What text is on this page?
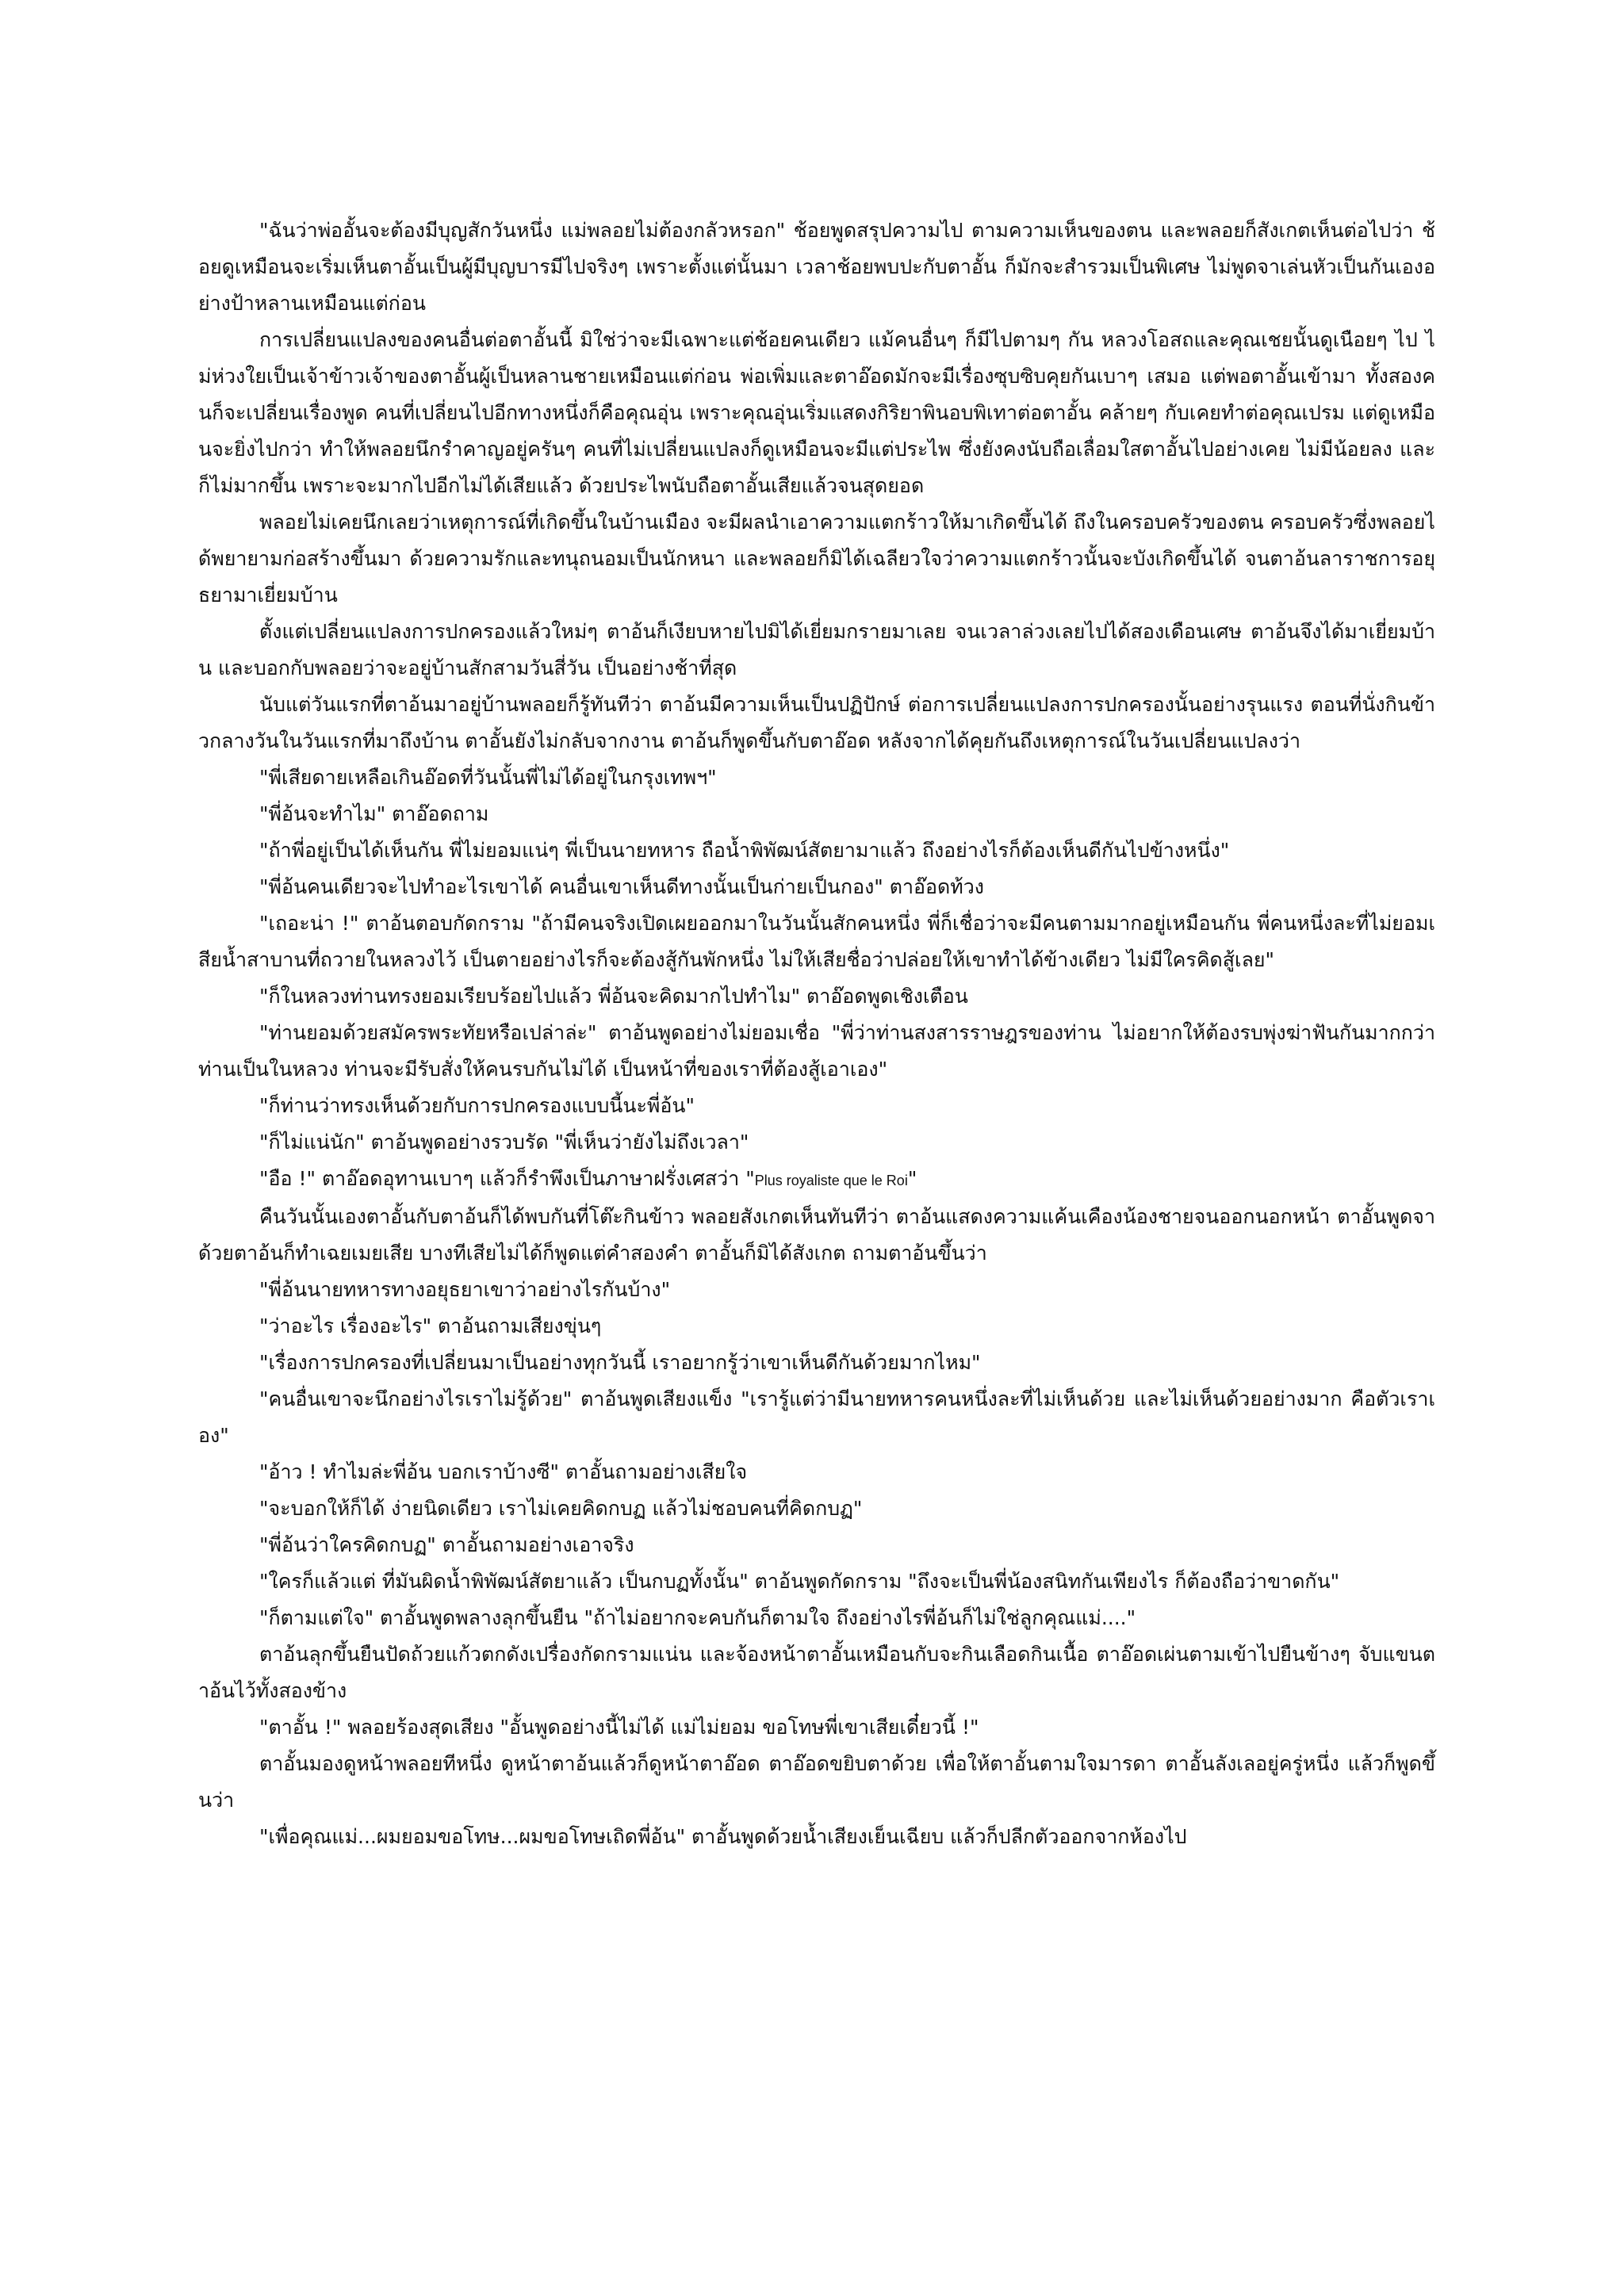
"ฉันว่าพ่ออั้นจะต้องมีบุญสักวันหนึ่ง แม่พลอยไม่ต้องกลัวหรอก" ช้อยพูดสรุปความไป ตามความเห็นของตน และพลอยก็สังเกตเห็นต่อไปว่า ช้อยดูเหมือนจะเริ่มเห็นตาอั้นเป็นผู้มีบุญบารมีไปจริงๆ เพราะตั้งแต่นั้นมา เวลาช้อยพบปะกับตาอั้น ก็มักจะสำรวมเป็นพิเศษ ไม่พูดจาเล่นหัวเป็นกันเองอย่างป้าหลานเหมือนแต่ก่อน

การเปลี่ยนแปลงของคนอื่นต่อตาอั้นนี้ มิใช่ว่าจะมีเฉพาะแต่ช้อยคนเดียว แม้คนอื่นๆ ก็มีไปตามๆ กัน หลวงโอสถและคุณเชยนั้นดูเนือยๆ ไป ไม่ห่วงใยเป็นเจ้าข้าวเจ้าของตาอั้นผู้เป็นหลานชายเหมือนแต่ก่อน พ่อเพิ่มและตาอ๊อดมักจะมีเรื่องซุบซิบคุยกันเบาๆ เสมอ แต่พอตาอั้นเข้ามา ทั้งสองคนก็จะเปลี่ยนเรื่องพูด คนที่เปลี่ยนไปอีกทางหนึ่งก็คือคุณอุ่น เพราะคุณอุ่นเริ่มแสดงกิริยาพินอบพิเทาต่อตาอั้น คล้ายๆ กับเคยทำต่อคุณเปรม แต่ดูเหมือนจะยิ่งไปกว่า ทำให้พลอยนึกรำคาญอยู่ครันๆ คนที่ไม่เปลี่ยนแปลงก็ดูเหมือนจะมีแต่ประไพ ซึ่งยังคงนับถือเลื่อมใสตาอั้นไปอย่างเคย ไม่มีน้อยลง และก็ไม่มากขึ้น เพราะจะมากไปอีกไม่ได้เสียแล้ว ด้วยประไพนับถือตาอั้นเสียแล้วจนสุดยอด

พลอยไม่เคยนึกเลยว่าเหตุการณ์ที่เกิดขึ้นในบ้านเมือง จะมีผลนำเอาความแตกร้าวให้มาเกิดขึ้นได้ ถึงในครอบครัวของตน ครอบครัวซึ่งพลอยได้พยายามก่อสร้างขึ้นมา ด้วยความรักและทนุถนอมเป็นนักหนา และพลอยก็มิได้เฉลียวใจว่าความแตกร้าวนั้นจะบังเกิดขึ้นได้ จนตาอ้นลาราชการอยุธยามาเยี่ยมบ้าน

ตั้งแต่เปลี่ยนแปลงการปกครองแล้วใหม่ๆ ตาอ้นก็เงียบหายไปมิได้เยี่ยมกรายมาเลย จนเวลาล่วงเลยไปได้สองเดือนเศษ ตาอ้นจึงได้มาเยี่ยมบ้าน และบอกกับพลอยว่าจะอยู่บ้านสักสามวันสี่วัน เป็นอย่างช้าที่สุด

นับแต่วันแรกที่ตาอ้นมาอยู่บ้านพลอยก็รู้ทันทีว่า ตาอ้นมีความเห็นเป็นปฏิปักษ์ ต่อการเปลี่ยนแปลงการปกครองนั้นอย่างรุนแรง ตอนที่นั่งกินข้าวกลางวันในวันแรกที่มาถึงบ้าน ตาอั้นยังไม่กลับจากงาน ตาอ้นก็พูดขึ้นกับตาอ๊อด หลังจากได้คุยกันถึงเหตุการณ์ในวันเปลี่ยนแปลงว่า

"พี่เสียดายเหลือเกินอ๊อดที่วันนั้นพี่ไม่ได้อยู่ในกรุงเทพฯ"

"พี่อ้นจะทำไม" ตาอ๊อดถาม

"ถ้าพี่อยู่เป็นได้เห็นกัน พี่ไม่ยอมแน่ๆ พี่เป็นนายทหาร ถือน้ำพิพัฒน์สัตยามาแล้ว ถึงอย่างไรก็ต้องเห็นดีกันไปข้างหนึ่ง"

"พี่อ้นคนเดียวจะไปทำอะไรเขาได้ คนอื่นเขาเห็นดีทางนั้นเป็นก่ายเป็นกอง" ตาอ๊อดท้วง

"เถอะน่า !" ตาอ้นตอบกัดกราม "ถ้ามีคนจริงเปิดเผยออกมาในวันนั้นสักคนหนึ่ง พี่ก็เชื่อว่าจะมีคนตามมากอยู่เหมือนกัน พี่คนหนึ่งละที่ไม่ยอมเสียน้ำสาบานที่ถวายในหลวงไว้ เป็นตายอย่างไรก็จะต้องสู้กันพักหนึ่ง ไม่ให้เสียชื่อว่าปล่อยให้เขาทำได้ข้างเดียว ไม่มีใครคิดสู้เลย"

"ก็ในหลวงท่านทรงยอมเรียบร้อยไปแล้ว พี่อ้นจะคิดมากไปทำไม" ตาอ๊อดพูดเชิงเตือน

"ท่านยอมด้วยสมัครพระทัยหรือเปล่าล่ะ" ตาอ้นพูดอย่างไม่ยอมเชื่อ "พี่ว่าท่านสงสารราษฎรของท่าน ไม่อยากให้ต้องรบพุ่งฆ่าฟันกันมากกว่า ท่านเป็นในหลวง ท่านจะมีรับสั่งให้คนรบกันไม่ได้ เป็นหน้าที่ของเราที่ต้องสู้เอาเอง"

"ก็ท่านว่าทรงเห็นด้วยกับการปกครองแบบนี้นะพี่อ้น"

"ก็ไม่แน่นัก" ตาอ้นพูดอย่างรวบรัด "พี่เห็นว่ายังไม่ถึงเวลา"

"อือ !" ตาอ๊อดอุทานเบาๆ แล้วก็รำพึงเป็นภาษาฝรั่งเศสว่า "Plus royaliste que le Roi"

คืนวันนั้นเองตาอั้นกับตาอ้นก็ได้พบกันที่โต๊ะกินข้าว พลอยสังเกตเห็นทันทีว่า ตาอ้นแสดงความแค้นเคืองน้องชายจนออกนอกหน้า ตาอั้นพูดจาด้วยตาอ้นก็ทำเฉยเมยเสีย บางทีเสียไม่ได้ก็พูดแต่คำสองคำ ตาอั้นก็มิได้สังเกต ถามตาอ้นขึ้นว่า

"พี่อ้นนายทหารทางอยุธยาเขาว่าอย่างไรกันบ้าง"

"ว่าอะไร เรื่องอะไร" ตาอ้นถามเสียงขุ่นๆ

"เรื่องการปกครองที่เปลี่ยนมาเป็นอย่างทุกวันนี้ เราอยากรู้ว่าเขาเห็นดีกันด้วยมากไหม"

"คนอื่นเขาจะนึกอย่างไรเราไม่รู้ด้วย" ตาอ้นพูดเสียงแข็ง "เรารู้แต่ว่ามีนายทหารคนหนึ่งละที่ไม่เห็นด้วย และไม่เห็นด้วยอย่างมาก คือตัวเราเอง"

"อ้าว ! ทำไมล่ะพี่อ้น บอกเราบ้างซี" ตาอั้นถามอย่างเสียใจ

"จะบอกให้ก็ได้ ง่ายนิดเดียว เราไม่เคยคิดกบฏ แล้วไม่ชอบคนที่คิดกบฏ"

"พี่อ้นว่าใครคิดกบฏ" ตาอั้นถามอย่างเอาจริง

"ใครก็แล้วแต่ ที่มันผิดน้ำพิพัฒน์สัตยาแล้ว เป็นกบฏทั้งนั้น" ตาอ้นพูดกัดกราม "ถึงจะเป็นพี่น้องสนิทกันเพียงไร ก็ต้องถือว่าขาดกัน"

"ก็ตามแต่ใจ" ตาอั้นพูดพลางลุกขึ้นยืน "ถ้าไม่อยากจะคบกันก็ตามใจ ถึงอย่างไรพี่อ้นก็ไม่ใช่ลูกคุณแม่...."

ตาอ้นลุกขึ้นยืนปัดถ้วยแก้วตกดังเปรื่องกัดกรามแน่น และจ้องหน้าตาอั้นเหมือนกับจะกินเลือดกินเนื้อ ตาอ๊อดเผ่นตามเข้าไปยืนข้างๆ จับแขนตาอ้นไว้ทั้งสองข้าง

"ตาอั้น !" พลอยร้องสุดเสียง "อั้นพูดอย่างนี้ไม่ได้ แม่ไม่ยอม ขอโทษพี่เขาเสียเดี๋ยวนี้ !"

ตาอั้นมองดูหน้าพลอยทีหนึ่ง ดูหน้าตาอ้นแล้วก็ดูหน้าตาอ๊อด ตาอ๊อดขยิบตาด้วย เพื่อให้ตาอั้นตามใจมารดา ตาอั้นลังเลอยู่ครู่หนึ่ง แล้วก็พูดขึ้นว่า

"เพื่อคุณแม่...ผมยอมขอโทษ...ผมขอโทษเถิดพี่อ้น" ตาอั้นพูดด้วยน้ำเสียงเย็นเฉียบ แล้วก็ปลีกตัวออกจากห้องไป
